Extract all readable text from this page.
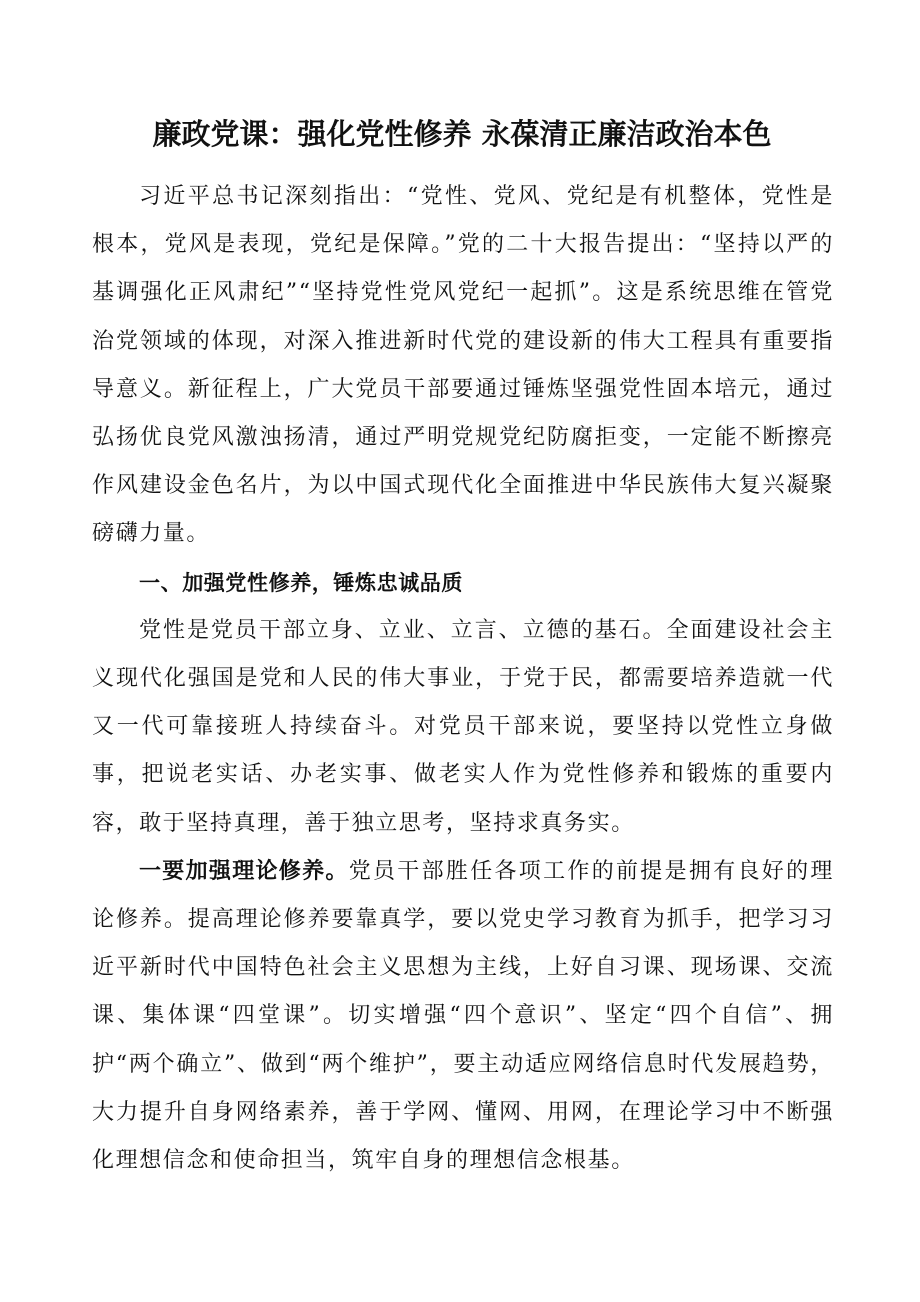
廉政党课：强化党性修养 永葆清正廉洁政治本色

习近平总书记深刻指出：“党性、党风、党纪是有机整体，党性是根本，党风是表现，党纪是保障。”党的二十大报告提出：“坚持以严的基调强化正风肃纪”“坚持党性党风党纪一起抓”。这是系统思维在管党治党领域的体现，对深入推进新时代党的建设新的伟大工程具有重要指导意义。新征程上，广大党员干部要通过锤炼坚强党性固本培元，通过弘扬优良党风激浊扬清，通过严明党规党纪防腐拒变，一定能不断擦亮作风建设金色名片，为以中国式现代化全面推进中华民族伟大复兴凝聚磅礴力量。

一、加强党性修养，锤炼忠诚品质

党性是党员干部立身、立业、立言、立德的基石。全面建设社会主义现代化强国是党和人民的伟大事业，于党于民，都需要培养造就一代又一代可靠接班人持续奋斗。对党员干部来说，要坚持以党性立身做事，把说老实话、办老实事、做老实人作为党性修养和锻炼的重要内容，敢于坚持真理，善于独立思考，坚持求真务实。

一要加强理论修养。党员干部胜任各项工作的前提是拥有良好的理论修养。提高理论修养要靠真学，要以党史学习教育为抓手，把学习习近平新时代中国特色社会主义思想为主线，上好自习课、现场课、交流课、集体课“四堂课”。切实增强“四个意识”、坚定“四个自信”、拥护“两个确立”、做到“两个维护”，要主动适应网络信息时代发展趋势，大力提升自身网络素养，善于学网、懂网、用网，在理论学习中不断强化理想信念和使命担当，筑牢自身的理想信念根基。
